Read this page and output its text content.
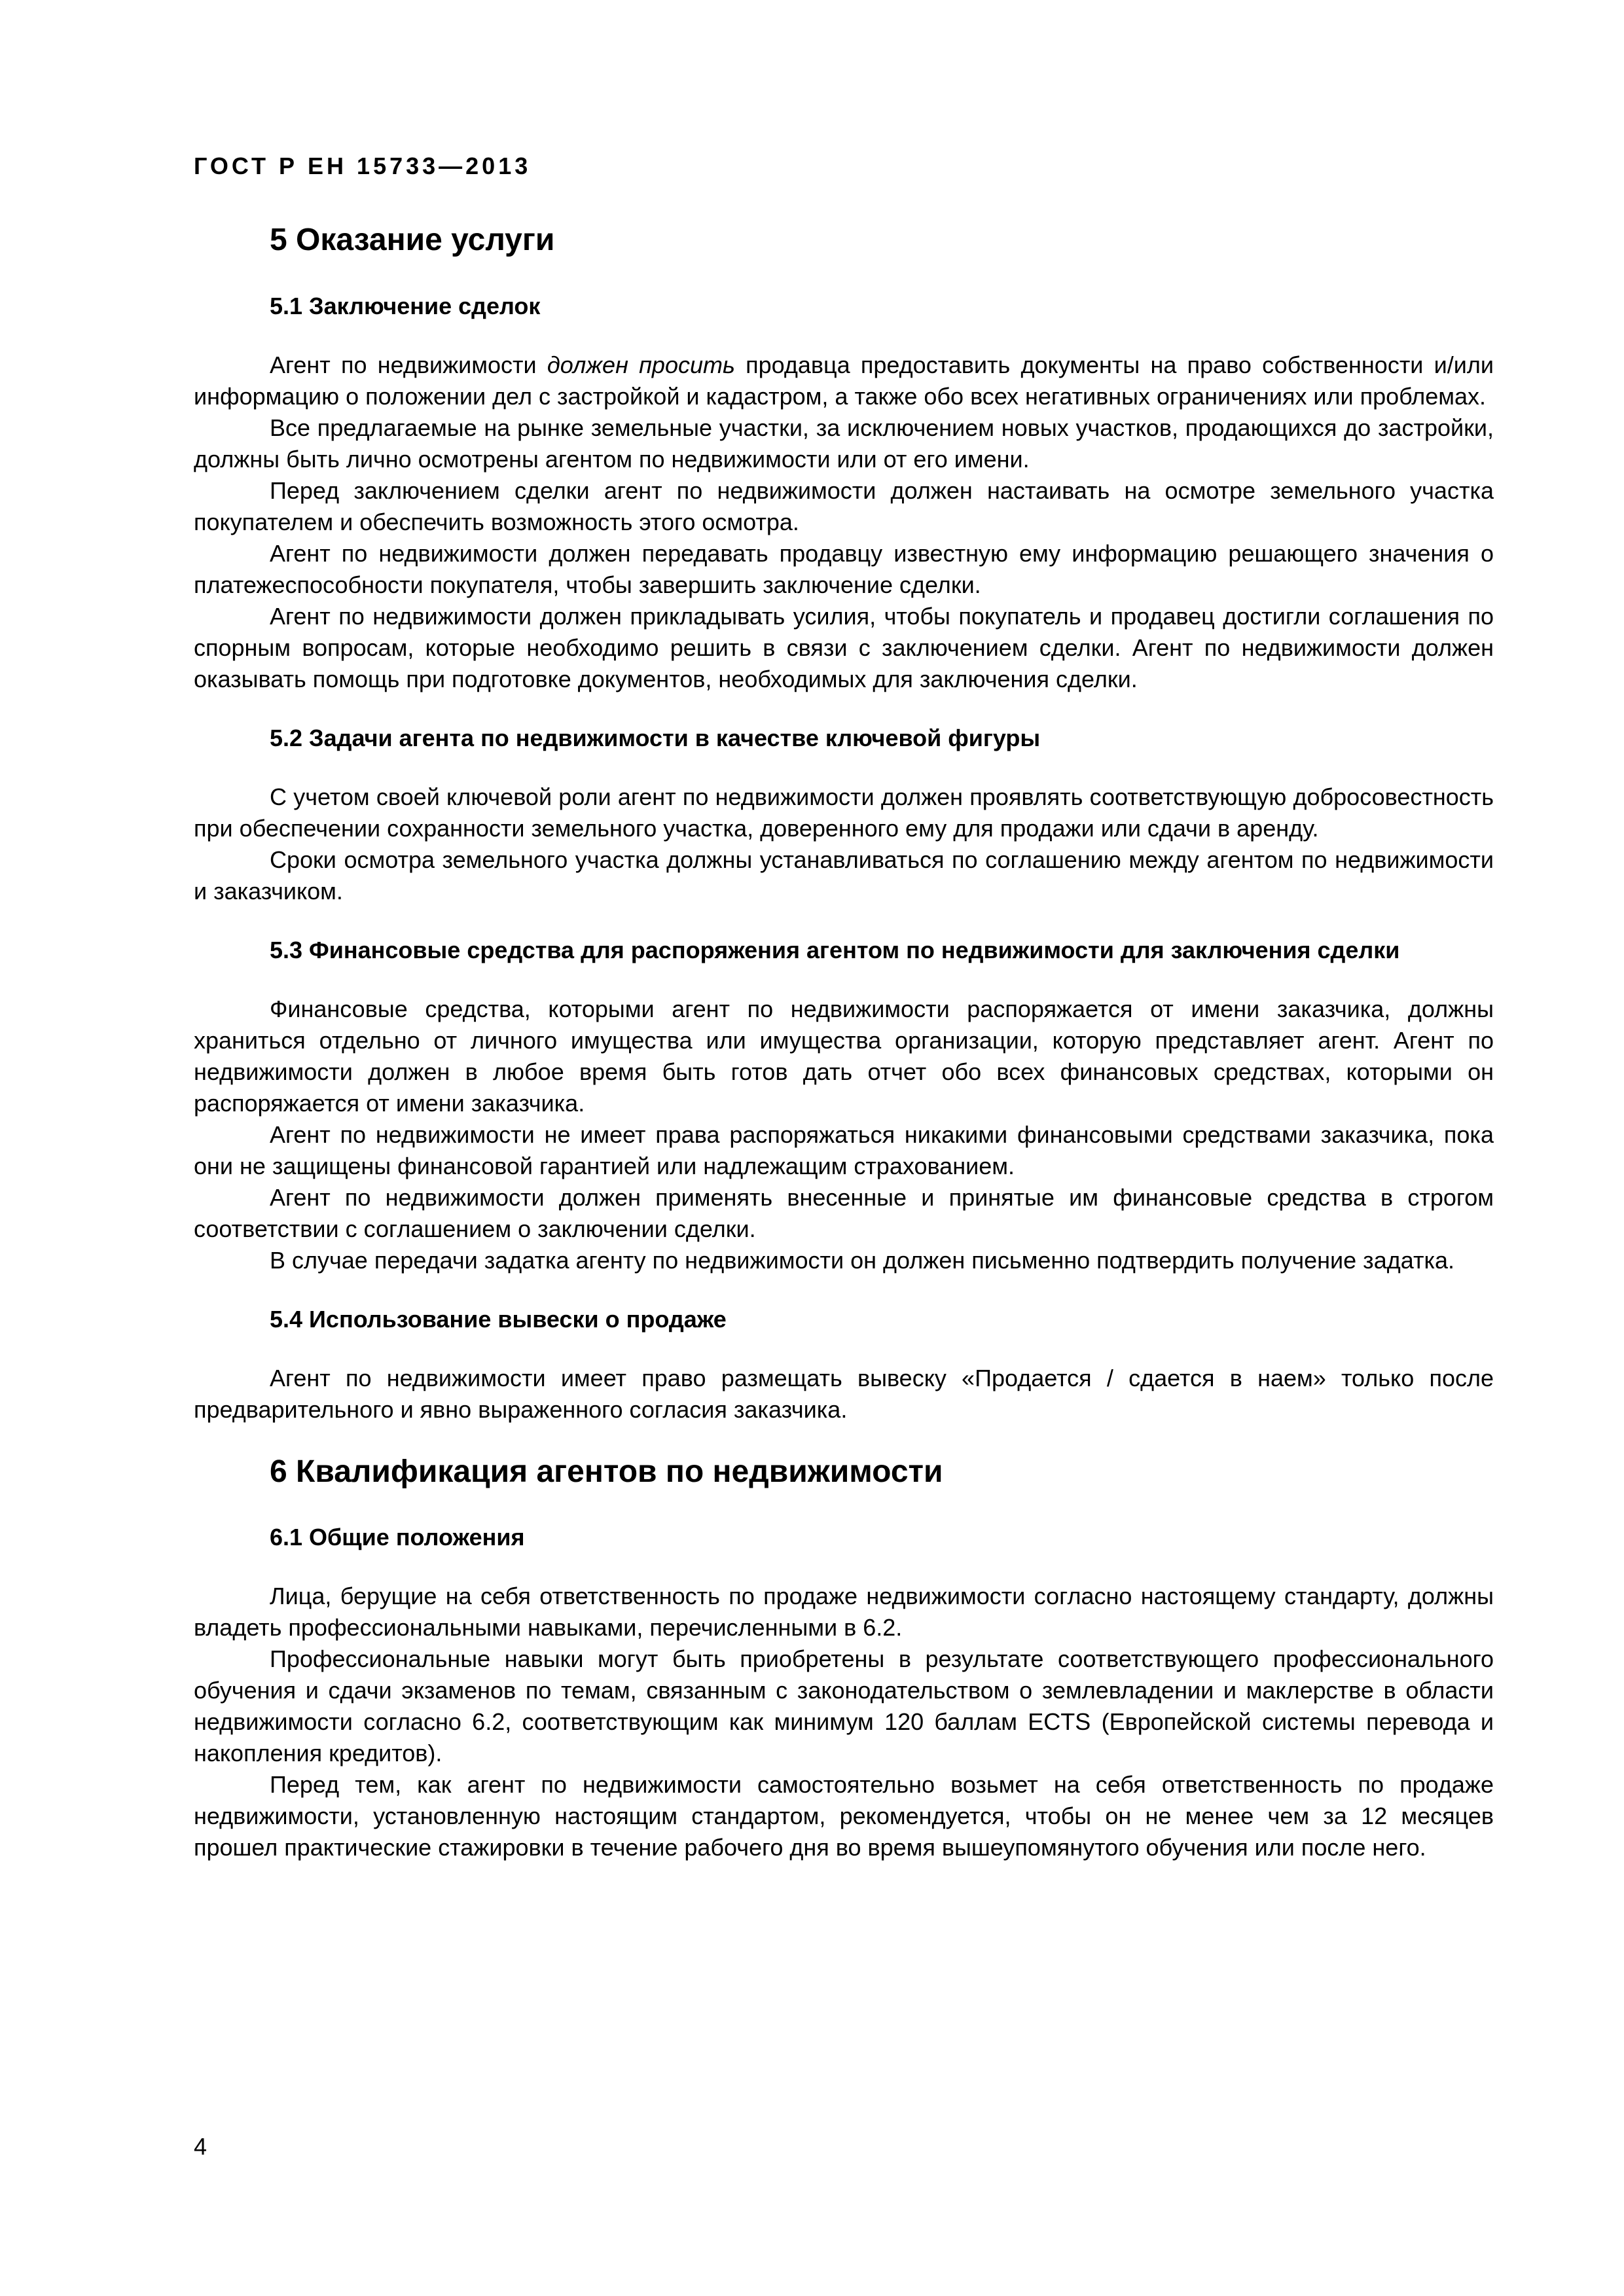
ГОСТ Р ЕН 15733—2013
5 Оказание услуги
5.1 Заключение сделок

Агент по недвижимости должен просить продавца предоставить документы на право собственности и/или информацию о положении дел с застройкой и кадастром, а также обо всех негативных ограничениях или проблемах.

Все предлагаемые на рынке земельные участки, за исключением новых участков, продающихся до застройки, должны быть лично осмотрены агентом по недвижимости или от его имени.

Перед заключением сделки агент по недвижимости должен настаивать на осмотре земельного участка покупателем и обеспечить возможность этого осмотра.

Агент по недвижимости должен передавать продавцу известную ему информацию решающего значения о платежеспособности покупателя, чтобы завершить заключение сделки.

Агент по недвижимости должен прикладывать усилия, чтобы покупатель и продавец достигли соглашения по спорным вопросам, которые необходимо решить в связи с заключением сделки. Агент по недвижимости должен оказывать помощь при подготовке документов, необходимых для заключения сделки.

5.2 Задачи агента по недвижимости в качестве ключевой фигуры

С учетом своей ключевой роли агент по недвижимости должен проявлять соответствующую добросовестность при обеспечении сохранности земельного участка, доверенного ему для продажи или сдачи в аренду.

Сроки осмотра земельного участка должны устанавливаться по соглашению между агентом по недвижимости и заказчиком.

5.3 Финансовые средства для распоряжения агентом по недвижимости для заключения сделки

Финансовые средства, которыми агент по недвижимости распоряжается от имени заказчика, должны храниться отдельно от личного имущества или имущества организации, которую представляет агент. Агент по недвижимости должен в любое время быть готов дать отчет обо всех финансовых средствах, которыми он распоряжается от имени заказчика.

Агент по недвижимости не имеет права распоряжаться никакими финансовыми средствами заказчика, пока они не защищены финансовой гарантией или надлежащим страхованием.

Агент по недвижимости должен применять внесенные и принятые им финансовые средства в строгом соответствии с соглашением о заключении сделки.

В случае передачи задатка агенту по недвижимости он должен письменно подтвердить получение задатка.

5.4 Использование вывески о продаже

Агент по недвижимости имеет право размещать вывеску «Продается / сдается в наем» только после предварительного и явно выраженного согласия заказчика.

6 Квалификация агентов по недвижимости
6.1 Общие положения

Лица, берущие на себя ответственность по продаже недвижимости согласно настоящему стандарту, должны владеть профессиональными навыками, перечисленными в 6.2.

Профессиональные навыки могут быть приобретены в результате соответствующего профессионального обучения и сдачи экзаменов по темам, связанным с законодательством о землевладении и маклерстве в области недвижимости согласно 6.2, соответствующим как минимум 120 баллам ECTS (Европейской системы перевода и накопления кредитов).

Перед тем, как агент по недвижимости самостоятельно возьмет на себя ответственность по продаже недвижимости, установленную настоящим стандартом, рекомендуется, чтобы он не менее чем за 12 месяцев прошел практические стажировки в течение рабочего дня во время вышеупомянутого обучения или после него.

4
